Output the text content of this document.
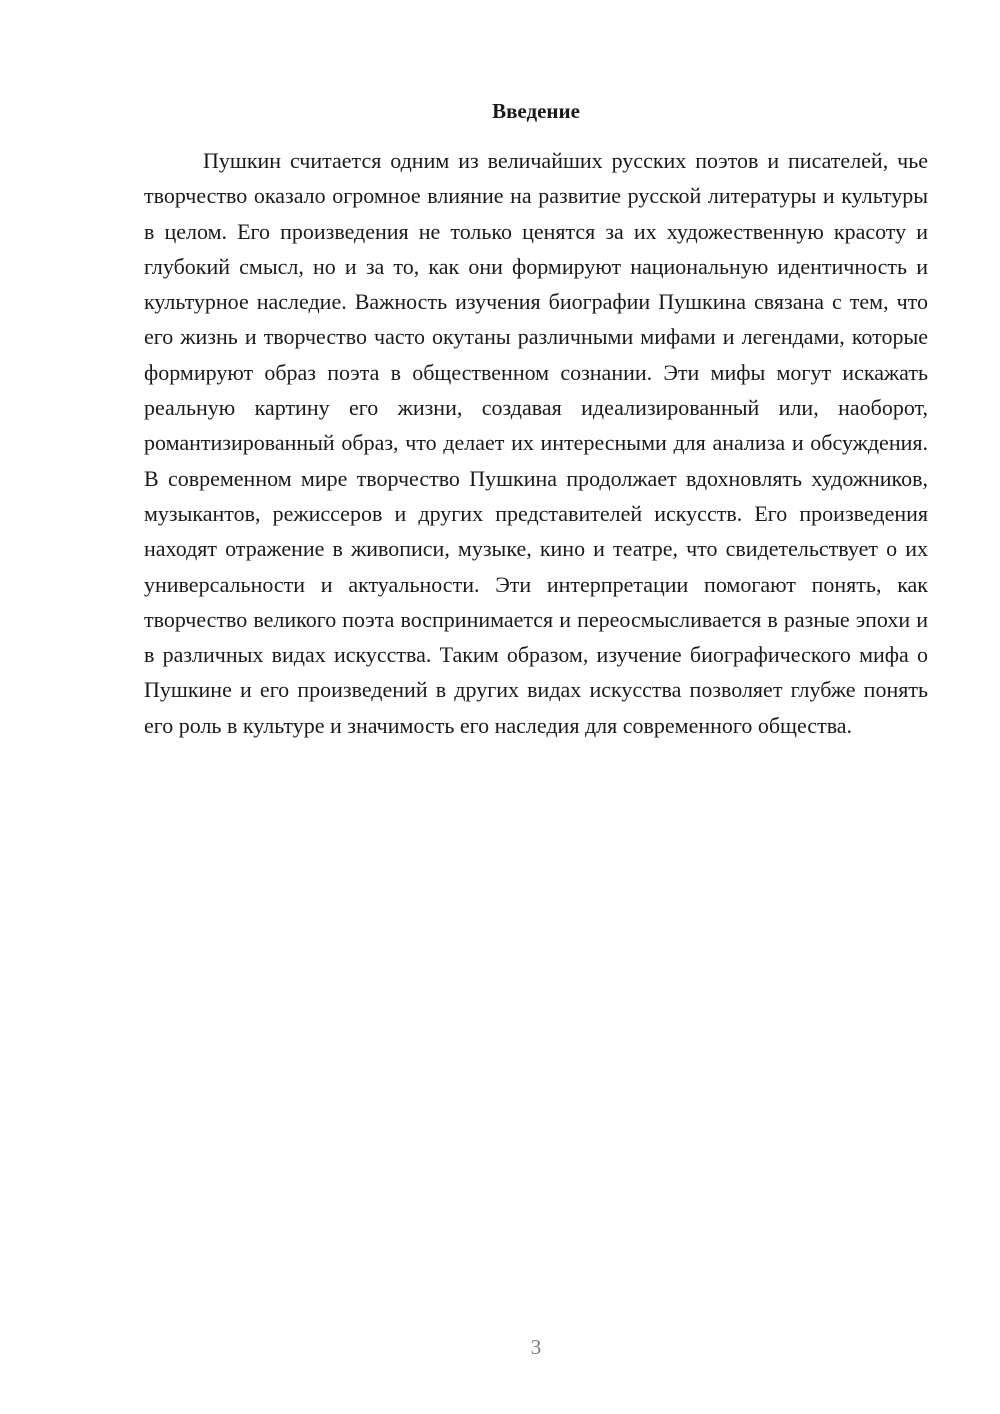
Введение

Пушкин считается одним из величайших русских поэтов и писателей, чье творчество оказало огромное влияние на развитие русской литературы и культуры в целом. Его произведения не только ценятся за их художественную красоту и глубокий смысл, но и за то, как они формируют национальную идентичность и культурное наследие. Важность изучения биографии Пушкина связана с тем, что его жизнь и творчество часто окутаны различными мифами и легендами, которые формируют образ поэта в общественном сознании. Эти мифы могут искажать реальную картину его жизни, создавая идеализированный или, наоборот, романтизированный образ, что делает их интересными для анализа и обсуждения. В современном мире творчество Пушкина продолжает вдохновлять художников, музыкантов, режиссеров и других представителей искусств. Его произведения находят отражение в живописи, музыке, кино и театре, что свидетельствует о их универсальности и актуальности. Эти интерпретации помогают понять, как творчество великого поэта воспринимается и переосмысливается в разные эпохи и в различных видах искусства. Таким образом, изучение биографического мифа о Пушкине и его произведений в других видах искусства позволяет глубже понять его роль в культуре и значимость его наследия для современного общества.

3
